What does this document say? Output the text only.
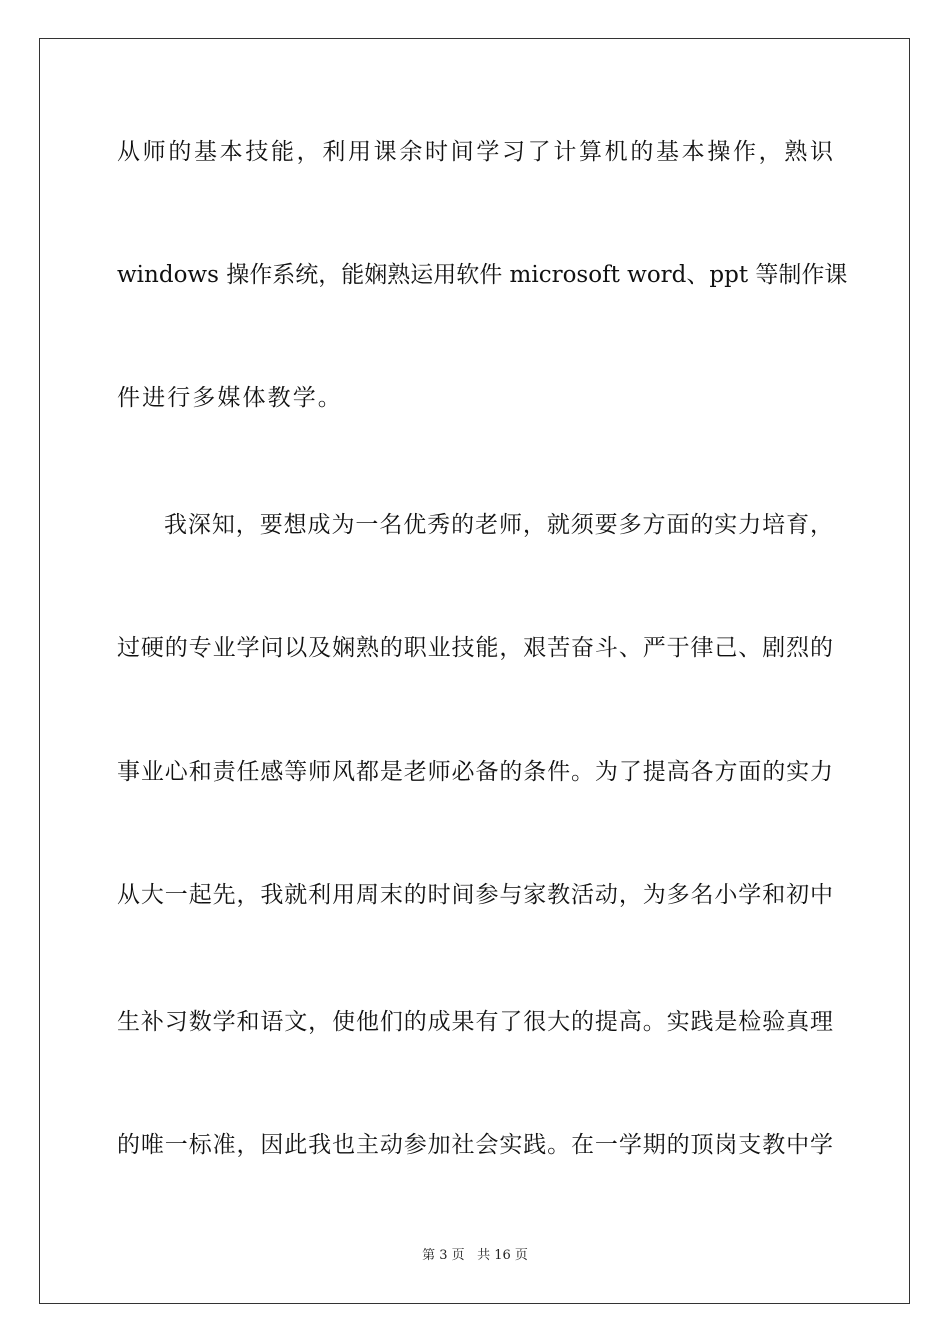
从师的基本技能，利用课余时间学习了计算机的基本操作，熟识
windows 操作系统，能娴熟运用软件 microsoft word、ppt 等制作课
件进行多媒体教学。
我深知，要想成为一名优秀的老师，就须要多方面的实力培育，
过硬的专业学问以及娴熟的职业技能，艰苦奋斗、严于律己、剧烈的
事业心和责任感等师风都是老师必备的条件。为了提高各方面的实力
从大一起先，我就利用周末的时间参与家教活动，为多名小学和初中
生补习数学和语文，使他们的成果有了很大的提高。实践是检验真理
的唯一标准，因此我也主动参加社会实践。在一学期的顶岗支教中学
第 3 页 共 16 页
